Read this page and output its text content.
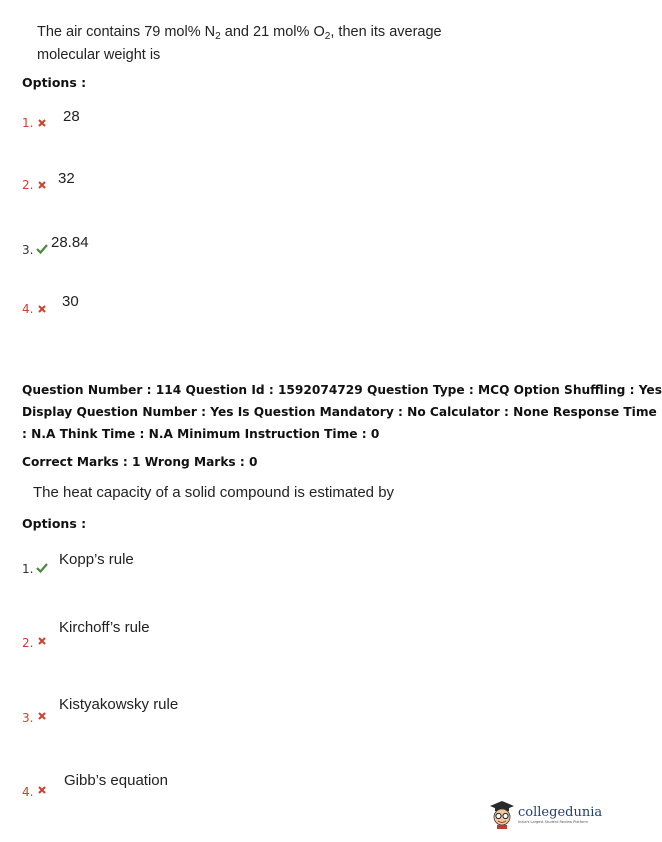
The air contains 79 mol% $N_2$ and 21 mol% $O_2$, then its average
molecular weight is
Options :
1. 28
2. 32
3. 28.84
4. 30
Question Number : 114 Question Id : 1592074729 Question Type : MCQ Option Shuffling : Yes
Display Question Number : Yes Is Question Mandatory : No Calculator : None Response Time
: N.A Think Time : N.A Minimum Instruction Time : 0
Correct Marks : 1 Wrong Marks : 0
The heat capacity of a solid compound is estimated by
Options :
1.
Kopp’s rule
Kirchoff’s rule
2.
Kistyakowsky rule
3.
Gibb’s equation
4.
collegedunia
India's Largest Student Review Platform
